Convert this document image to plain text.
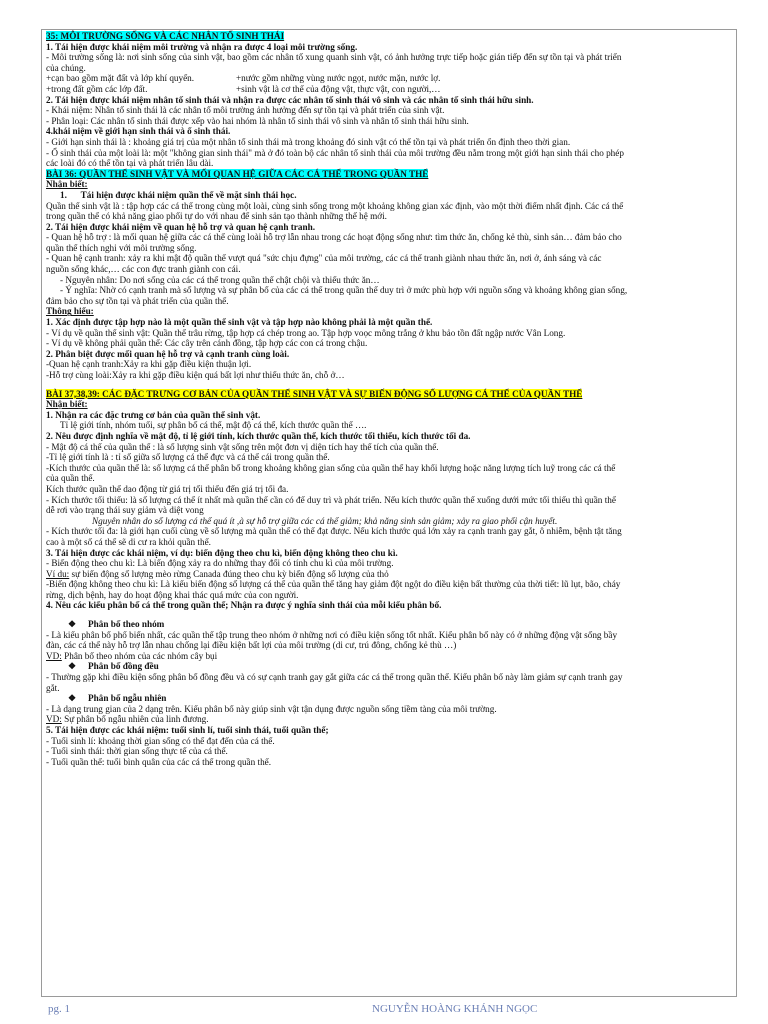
35: MÔI TRƯỜNG SỐNG VÀ CÁC NHÂN TỐ SINH THÁI

1. Tái hiện được khái niệm môi trường và nhận ra được 4 loại môi trường sống.

- Môi trường sống là: nơi sinh sống của sinh vật, bao gồm các nhân tố xung quanh sinh vật, có ảnh hưởng trực tiếp hoặc gián tiếp đến sự tồn tại và phát triển

của chúng.

+cạn bao gồm mặt đất và lớp khí quyển.	+nước gồm những vùng nước ngọt, nước mặn, nước lợ.

+trong đất gồm các lớp đất.	+sinh vật là cơ thể của động vật, thực vật, con người,…

2. Tái hiện được khái niệm nhân tố sinh thái và nhận ra được các nhân tố sinh thái vô sinh và các nhân tố sinh thái hữu sinh.

- Khái niệm: Nhân tố sinh thái là các nhân tố môi trường ảnh hưởng đến sự tồn tại và phát triển của sinh vật.

- Phân loại: Các nhân tố sinh thái được xếp vào hai nhóm là nhân tố sinh thái vô sinh và nhân tố sinh thái hữu sinh.

4.khái niệm về giới hạn sinh thái và ổ sinh thái.

- Giới hạn sinh thái là : khoảng giá trị của một nhân tố sinh thái mà trong khoảng đó sinh vật có thể tồn tại và phát triển ổn định theo thời gian.

- Ổ sinh thái của một loài là: một "không gian sinh thái" mà ở đó toàn bộ các nhân tố sinh thái của môi trường đều nằm trong một giới hạn sinh thái cho phép

các loài đó có thể tồn tại và phát triển lâu dài.

BÀI 36: QUẦN THỂ SINH VẬT VÀ MỐI QUAN HỆ GIỮA CÁC CÁ THỂ TRONG QUẦN THỂ

Nhận biết:

1. Tái hiện được khái niệm quần thể về mặt sinh thái học.

Quần thể sinh vật là : tập hợp các cá thể trong cùng một loài, cùng sinh sống trong một khoảng không gian xác định, vào một thời điểm nhất định. Các cá thể

trong quần thể có khả năng giao phối tự do với nhau để sinh sản tạo thành những thế hệ mới.

2. Tái hiện được khái niệm về quan hệ hỗ trợ và quan hệ cạnh tranh.

- Quan hệ hỗ trợ : là mối quan hệ giữa các cá thể cùng loài hỗ trợ lẫn nhau trong các hoạt động sống như: tìm thức ăn, chống kẻ thù, sinh sản… đảm bảo cho

quần thể thích nghi với môi trường sống.

- Quan hệ cạnh tranh: xảy ra khi mật độ quần thể vượt quá "sức chịu đựng" của môi trường, các cá thể tranh giành nhau thức ăn, nơi ở, ánh sáng và các

nguồn sống khác,… các con đực tranh giành con cái.

- Nguyên nhân: Do nơi sống của các cá thể trong quần thể chật chội và thiếu thức ăn…

- Ý nghĩa: Nhờ có cạnh tranh mà số lượng và sự phân bố của các cá thể trong quần thể duy trì ở mức phù hợp với nguồn sống và khoảng không gian sống,

đảm bảo cho sự tồn tại và phát triển của quần thể.

Thông hiểu:

1. Xác định được tập hợp nào là một quần thể sinh vật và tập hợp nào không phải là một quần thể.

- Ví dụ về quần thể sinh vật: Quần thể trâu rừng, tập hợp cá chép trong ao. Tập hợp voọc mông trắng ở khu bảo tồn đất ngập nước Vân Long.

- Ví dụ về không phải quần thể: Các cây trên cánh đồng, tập hợp các con cá trong chậu.

2. Phân biệt được mối quan hệ hỗ trợ và cạnh tranh cùng loài.

-Quan hệ cạnh tranh:Xảy ra khi gặp điều kiện thuận lợi.

-Hỗ trợ cùng loài:Xảy ra khi gặp điều kiện quá bất lợi như thiếu thức ăn, chỗ ở…

BÀI 37,38,39: CÁC ĐẶC TRƯNG CƠ BẢN CỦA QUẦN THỂ SINH VẬT VÀ SỰ BIẾN ĐỘNG SỐ LƯỢNG CÁ THỂ CỦA QUẦN THỂ

Nhận biết:

1. Nhận ra các đặc trưng cơ bản của quần thể sinh vật.

Tỉ lệ giới tính, nhóm tuổi, sự phân bố cá thể, mật độ cá thể, kích thước quần thể ….

2. Nêu được định nghĩa về mật độ, tỉ lệ giới tính, kích thước quần thể, kích thước tối thiểu, kích thước tối đa.

- Mật độ cá thể của quần thể : là số lượng sinh vật sống trên một đơn vị diện tích hay thể tích của quần thể.

-Tỉ lệ giới tính là : tỉ số giữa số lượng cá thể đực và cá thể cái trong quần thể.

-Kích thước của quần thể là: số lượng cá thể phân bố trong khoảng không gian sống của quần thể hay khối lượng hoặc năng lượng tích luỹ trong các cá thể

của quần thể.

Kích thước quần thể dao động từ giá trị tối thiểu đến giá trị tối đa.

- Kích thước tối thiểu: là số lượng cá thể ít nhất mà quần thể cần có để duy trì và phát triển. Nếu kích thước quần thể xuống dưới mức tối thiểu thì quần thể

dễ rơi vào trạng thái suy giảm và diệt vong

Nguyên nhân do số lượng cá thể quá ít ,à sự hỗ trợ giữa các cá thể giảm; khả năng sinh sản giảm; xảy ra giao phối cận huyết.

- Kích thước tối đa: là giới hạn cuối cùng về số lượng mà quần thể có thể đạt được. Nếu kích thước quá lớn xảy ra cạnh tranh gay gắt, ô nhiễm, bệnh tật tăng

cao à một số cá thể sẽ di cư ra khỏi quần thể.

3. Tái hiện được các khái niệm, ví dụ: biến động theo chu kì, biến động không theo chu kì.

- Biến động theo chu kì: Là biến động xảy ra do những thay đổi có tính chu kì của môi trường.

Ví du: sự biến động số lượng mèo rừng Canada đúng theo chu kỳ biến động số lượng của thỏ

-Biến động không theo chu kì: Là kiểu biến động số lượng cá thể của quần thể tăng hay giảm đột ngột do điều kiện bất thường của thời tiết: lũ lụt, bão, cháy

rừng, dịch bệnh, hay do hoạt động khai thác quá mức của con người.

4. Nêu các kiểu phân bố cá thể trong quần thể; Nhận ra được ý nghĩa sinh thái của mỗi kiểu phân bố.

❖ Phân bố theo nhóm

- Là kiểu phân bố phổ biến nhất, các quần thể tập trung theo nhóm ở những nơi có điều kiện sống tốt nhất. Kiểu phân bố này có ở những động vật sống bầy

đàn, các cá thể này hỗ trợ lẫn nhau chống lại điều kiện bất lợi của môi trường (di cư, trú đông, chống kẻ thù …)

VD: Phân bố theo nhóm của các nhóm cây bụi

❖ Phân bố đồng đều

- Thường gặp khi điều kiện sống phân bố đồng đều và có sự cạnh tranh gay gắt giữa các cá thể trong quần thể. Kiểu phân bố này làm giảm sự cạnh tranh gay

gắt.

❖ Phân bố ngẫu nhiên

- Là dạng trung gian của 2 dạng trên. Kiểu phân bố này giúp sinh vật tận dụng được nguồn sống tiềm tàng của môi trường.

VD: Sự phân bố ngẫu nhiên của linh đương.

5. Tái hiện được các khái niệm: tuổi sinh lí, tuổi sinh thái, tuổi quần thể;

- Tuổi sinh lí: khoảng thời gian sống có thể đạt đến của cá thể.

- Tuổi sinh thái: thời gian sống thực tế của cá thể.

- Tuổi quần thể: tuổi bình quân của các cá thể trong quần thể.

pg. 1	NGUYỄN HOÀNG KHÁNH NGỌC
